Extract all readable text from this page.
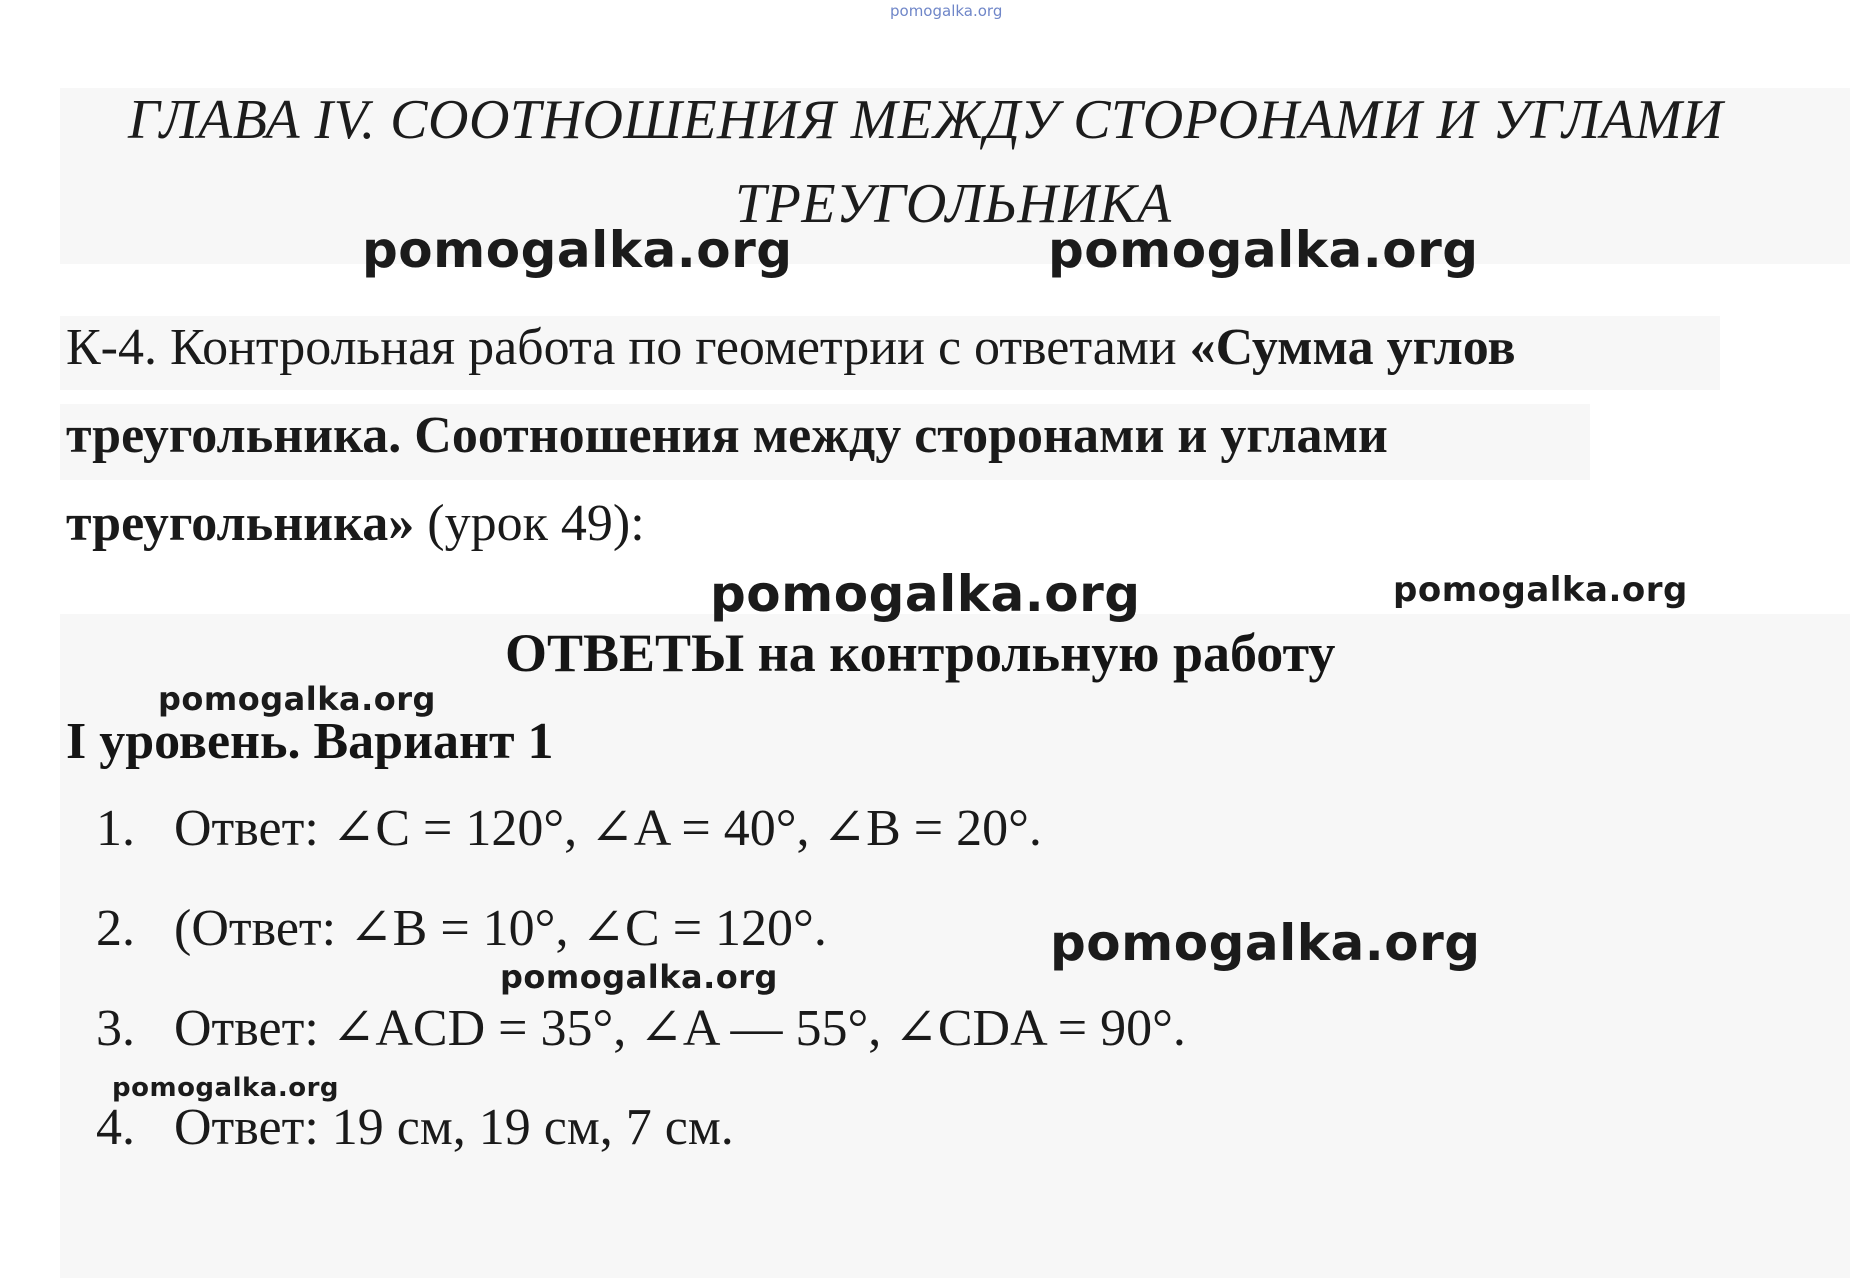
pomogalka.org
ГЛАВА IV. СООТНОШЕНИЯ МЕЖДУ СТОРОНАМИ И УГЛАМИ
ТРЕУГОЛЬНИКА
pomogalka.org	pomogalka.org
К-4. Контрольная работа по геометрии с ответами «Сумма углов
треугольника. Соотношения между сторонами и углами
треугольника» (урок 49):
pomogalka.org	pomogalka.org
ОТВЕТЫ на контрольную работу
pomogalka.org
I уровень. Вариант 1
1. Ответ: ∠C = 120°, ∠A = 40°, ∠B = 20°.
2. (Ответ: ∠B = 10°, ∠C = 120°.
3. Ответ: ∠ACD = 35°, ∠A — 55°, ∠CDA = 90°.
4. Ответ: 19 см, 19 см, 7 см.
pomogalka.org
pomogalka.org
pomogalka.org
